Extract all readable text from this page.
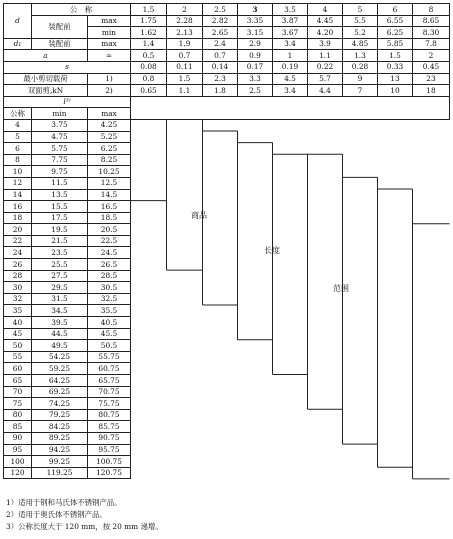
d	公　称		1.5	2	2.5	3	3.5	4	5	6	8
	装配前	max	1.75	2.28	2.82	3.35	3.87	4.45	5.5	6.55	8.65
		min	1.62	2.13	2.65	3.15	3.67	4.20	5.2	6.25	8.30
d₁	装配前	max	1.4	1.9	2.4	2.9	3.4	3.9	4.85	5.85	7.8
a		≈	0.5	0.7	0.7	0.9	1	1.1	1.3	1.5	2
s			0.08	0.11	0.14	0.17	0.19	0.22	0.28	0.33	0.45
最小剪切载荷		1)	0.8	1.5	2.3	3.3	4.5	5.7	9	13	23
双面剪,kN		2)	0.65	1.1	1.8	2.5	3.4	4.4	7	10	18
l³⁾											
公称	min	max									
4	3.75	4.25									
5	4.75	5.25									
6	5.75	6.25									
8	7.75	8.25									
10	9.75	10.25									
12	11.5	12.5									
14	13.5	14.5									
16	15.5	16.5									
18	17.5	18.5									
20	19.5	20.5									
22	21.5	22.5									
24	23.5	24.5									
26	25.5	26.5									
28	27.5	28.5									
30	29.5	30.5									
32	31.5	32.5									
35	34.5	35.5									
40	39.5	40.5									
45	44.5	45.5									
50	49.5	50.5									
55	54.25	55.75									
60	59.25	60.75									
65	64.25	65.75									
70	69.25	70.75									
75	74.25	75.75									
80	79.25	80.75									
85	84.25	85.75									
90	89.25	90.75									
95	94.25	95.75									
100	99.25	100.75									
120	119.25	120.75									
商品
长度
范围
1）适用于钢和马氏体不锈钢产品。
2）适用于奥氏体不锈钢产品。
3）公称长度大于 120 mm，按 20 mm 递增。
